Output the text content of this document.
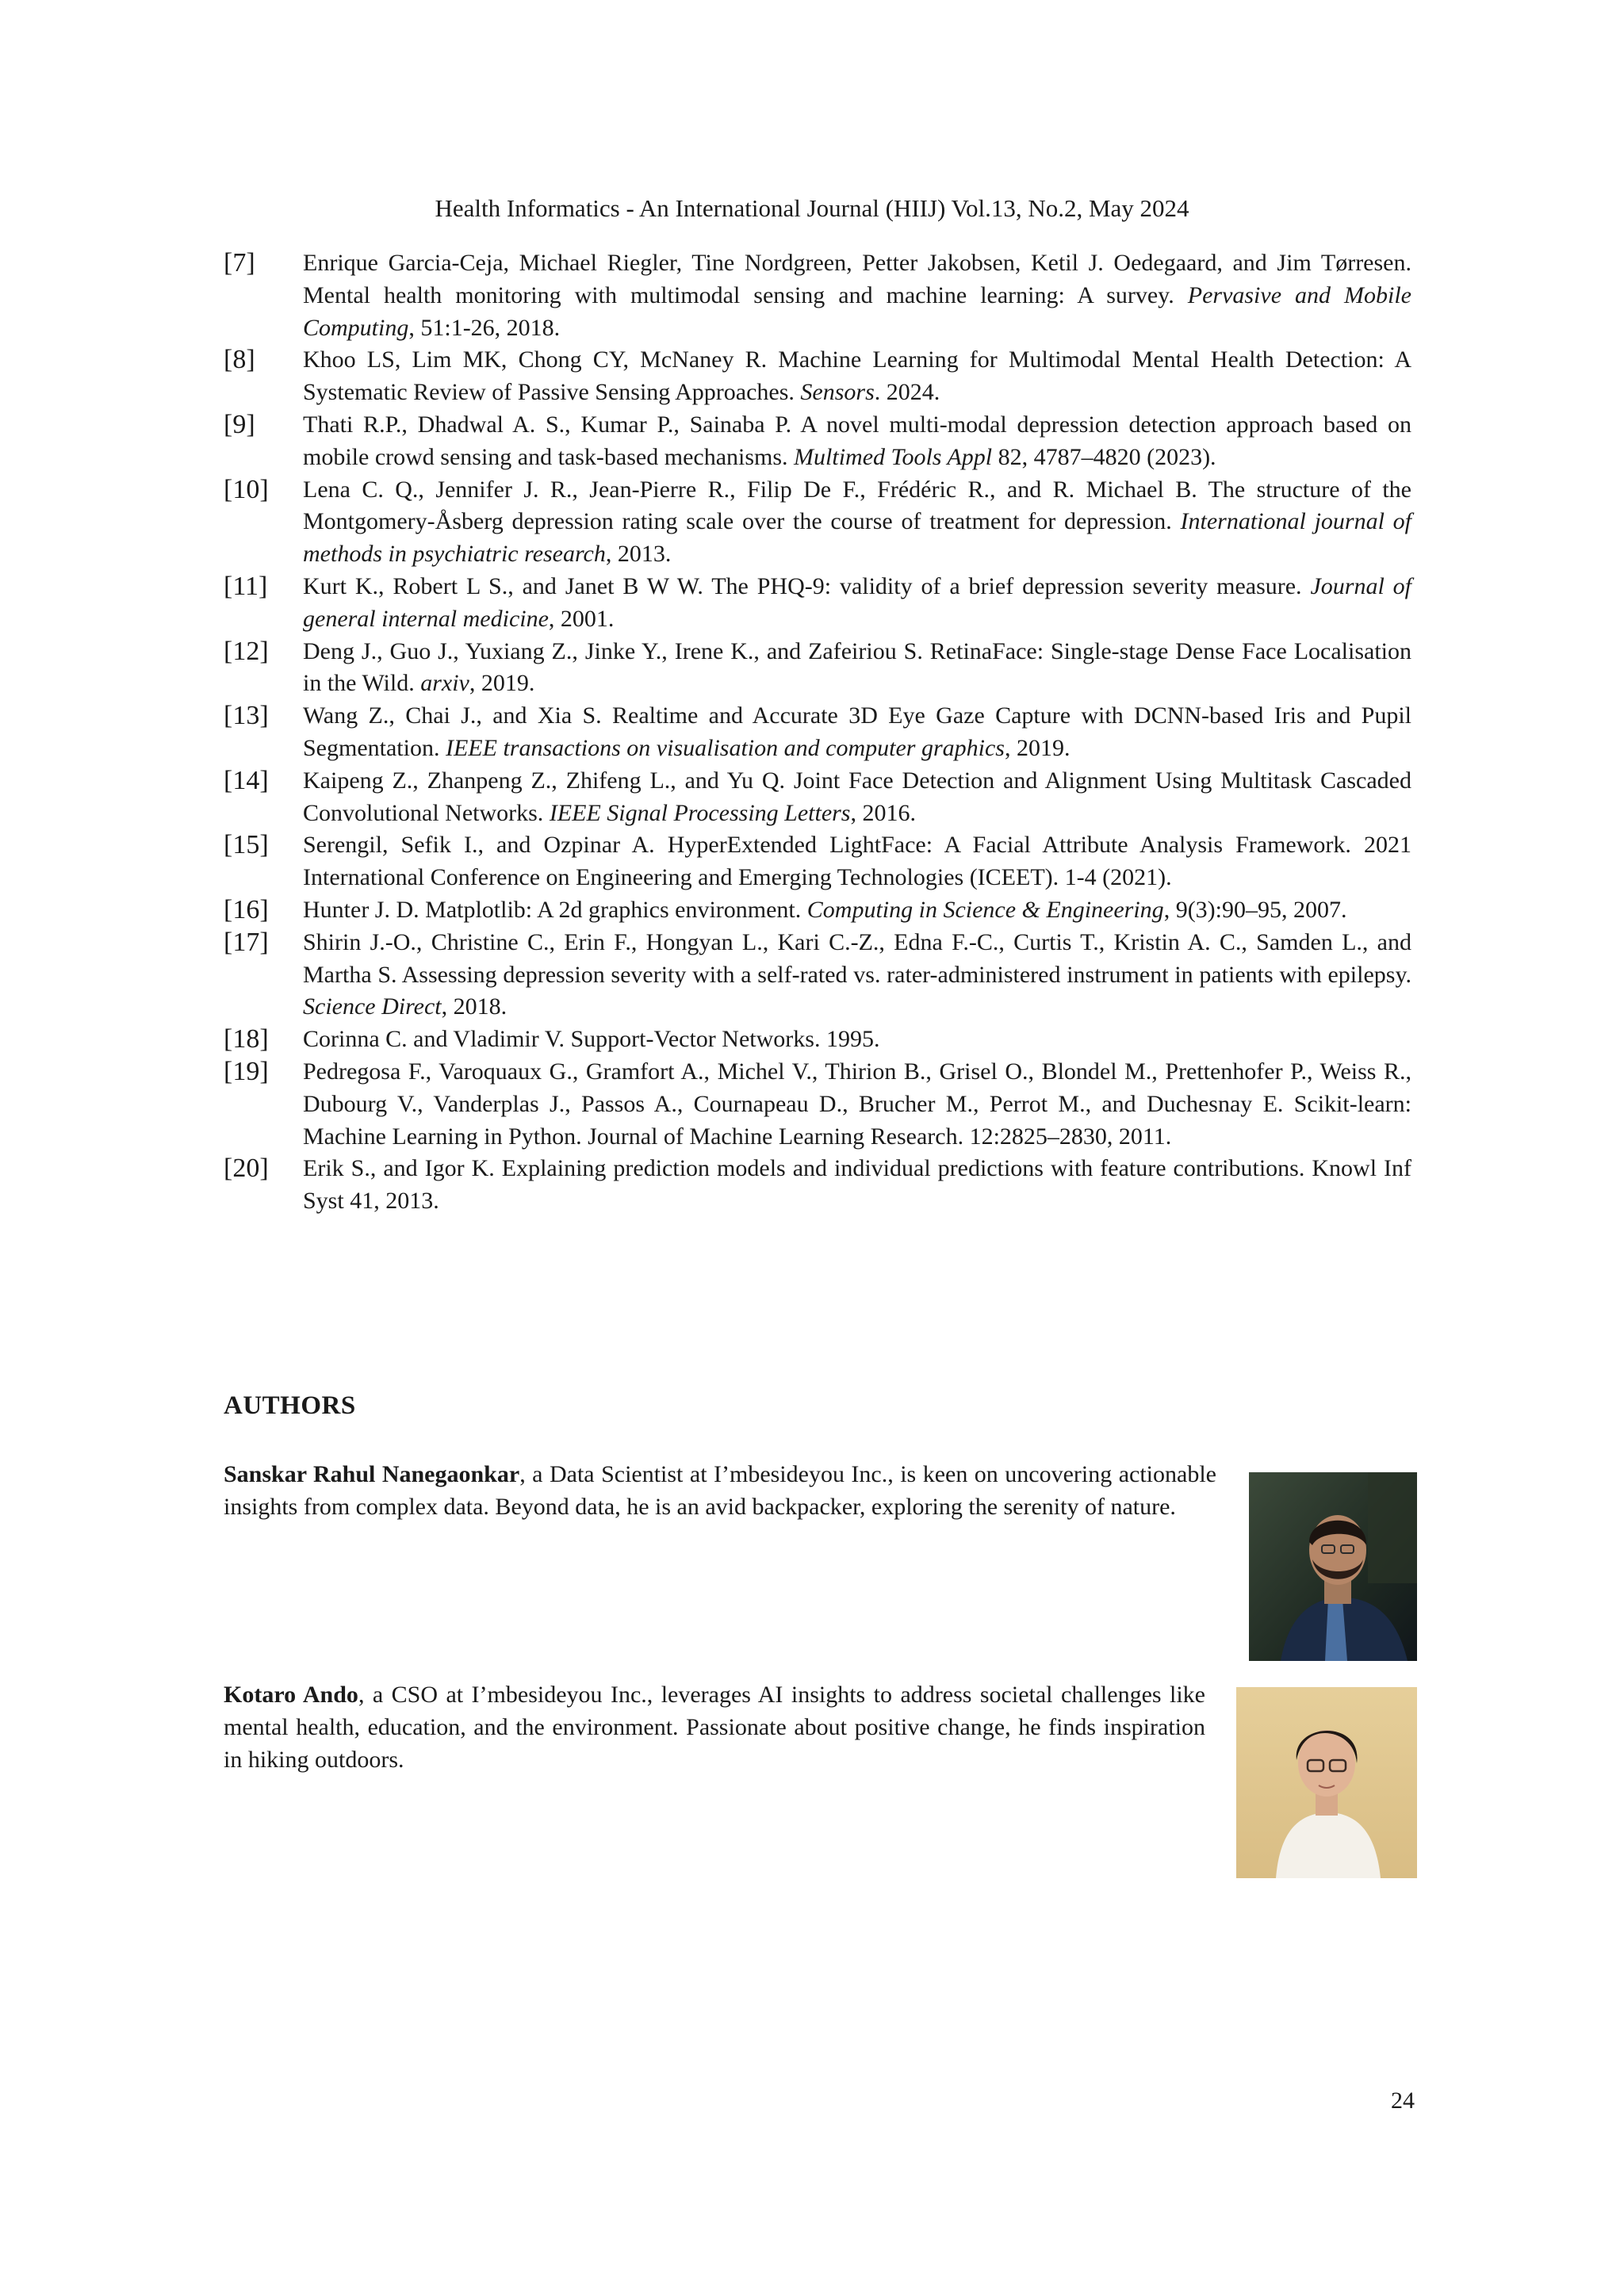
Health Informatics - An International Journal (HIIJ) Vol.13, No.2, May 2024
[7] Enrique Garcia-Ceja, Michael Riegler, Tine Nordgreen, Petter Jakobsen, Ketil J. Oedegaard, and Jim Tørresen. Mental health monitoring with multimodal sensing and machine learning: A survey. Pervasive and Mobile Computing, 51:1-26, 2018.
[8] Khoo LS, Lim MK, Chong CY, McNaney R. Machine Learning for Multimodal Mental Health Detection: A Systematic Review of Passive Sensing Approaches. Sensors. 2024.
[9] Thati R.P., Dhadwal A. S., Kumar P., Sainaba P. A novel multi-modal depression detection approach based on mobile crowd sensing and task-based mechanisms. Multimed Tools Appl 82, 4787–4820 (2023).
[10] Lena C. Q., Jennifer J. R., Jean-Pierre R., Filip De F., Frédéric R., and R. Michael B. The structure of the Montgomery-Åsberg depression rating scale over the course of treatment for depression. International journal of methods in psychiatric research, 2013.
[11] Kurt K., Robert L S., and Janet B W W. The PHQ-9: validity of a brief depression severity measure. Journal of general internal medicine, 2001.
[12] Deng J., Guo J., Yuxiang Z., Jinke Y., Irene K., and Zafeiriou S. RetinaFace: Single-stage Dense Face Localisation in the Wild. arxiv, 2019.
[13] Wang Z., Chai J., and Xia S. Realtime and Accurate 3D Eye Gaze Capture with DCNN-based Iris and Pupil Segmentation. IEEE transactions on visualisation and computer graphics, 2019.
[14] Kaipeng Z., Zhanpeng Z., Zhifeng L., and Yu Q. Joint Face Detection and Alignment Using Multitask Cascaded Convolutional Networks. IEEE Signal Processing Letters, 2016.
[15] Serengil, Sefik I., and Ozpinar A. HyperExtended LightFace: A Facial Attribute Analysis Framework. 2021 International Conference on Engineering and Emerging Technologies (ICEET). 1-4 (2021).
[16] Hunter J. D. Matplotlib: A 2d graphics environment. Computing in Science & Engineering, 9(3):90–95, 2007.
[17] Shirin J.-O., Christine C., Erin F., Hongyan L., Kari C.-Z., Edna F.-C., Curtis T., Kristin A. C., Samden L., and Martha S. Assessing depression severity with a self-rated vs. rater-administered instrument in patients with epilepsy. Science Direct, 2018.
[18] Corinna C. and Vladimir V. Support-Vector Networks. 1995.
[19] Pedregosa F., Varoquaux G., Gramfort A., Michel V., Thirion B., Grisel O., Blondel M., Prettenhofer P., Weiss R., Dubourg V., Vanderplas J., Passos A., Cournapeau D., Brucher M., Perrot M., and Duchesnay E. Scikit-learn: Machine Learning in Python. Journal of Machine Learning Research. 12:2825–2830, 2011.
[20] Erik S., and Igor K. Explaining prediction models and individual predictions with feature contributions. Knowl Inf Syst 41, 2013.
AUTHORS
Sanskar Rahul Nanegaonkar, a Data Scientist at I’mbesideyou Inc., is keen on uncovering actionable insights from complex data. Beyond data, he is an avid backpacker, exploring the serenity of nature.
Kotaro Ando, a CSO at I’mbesideyou Inc., leverages AI insights to address societal challenges like mental health, education, and the environment. Passionate about positive change, he finds inspiration in hiking outdoors.
24
